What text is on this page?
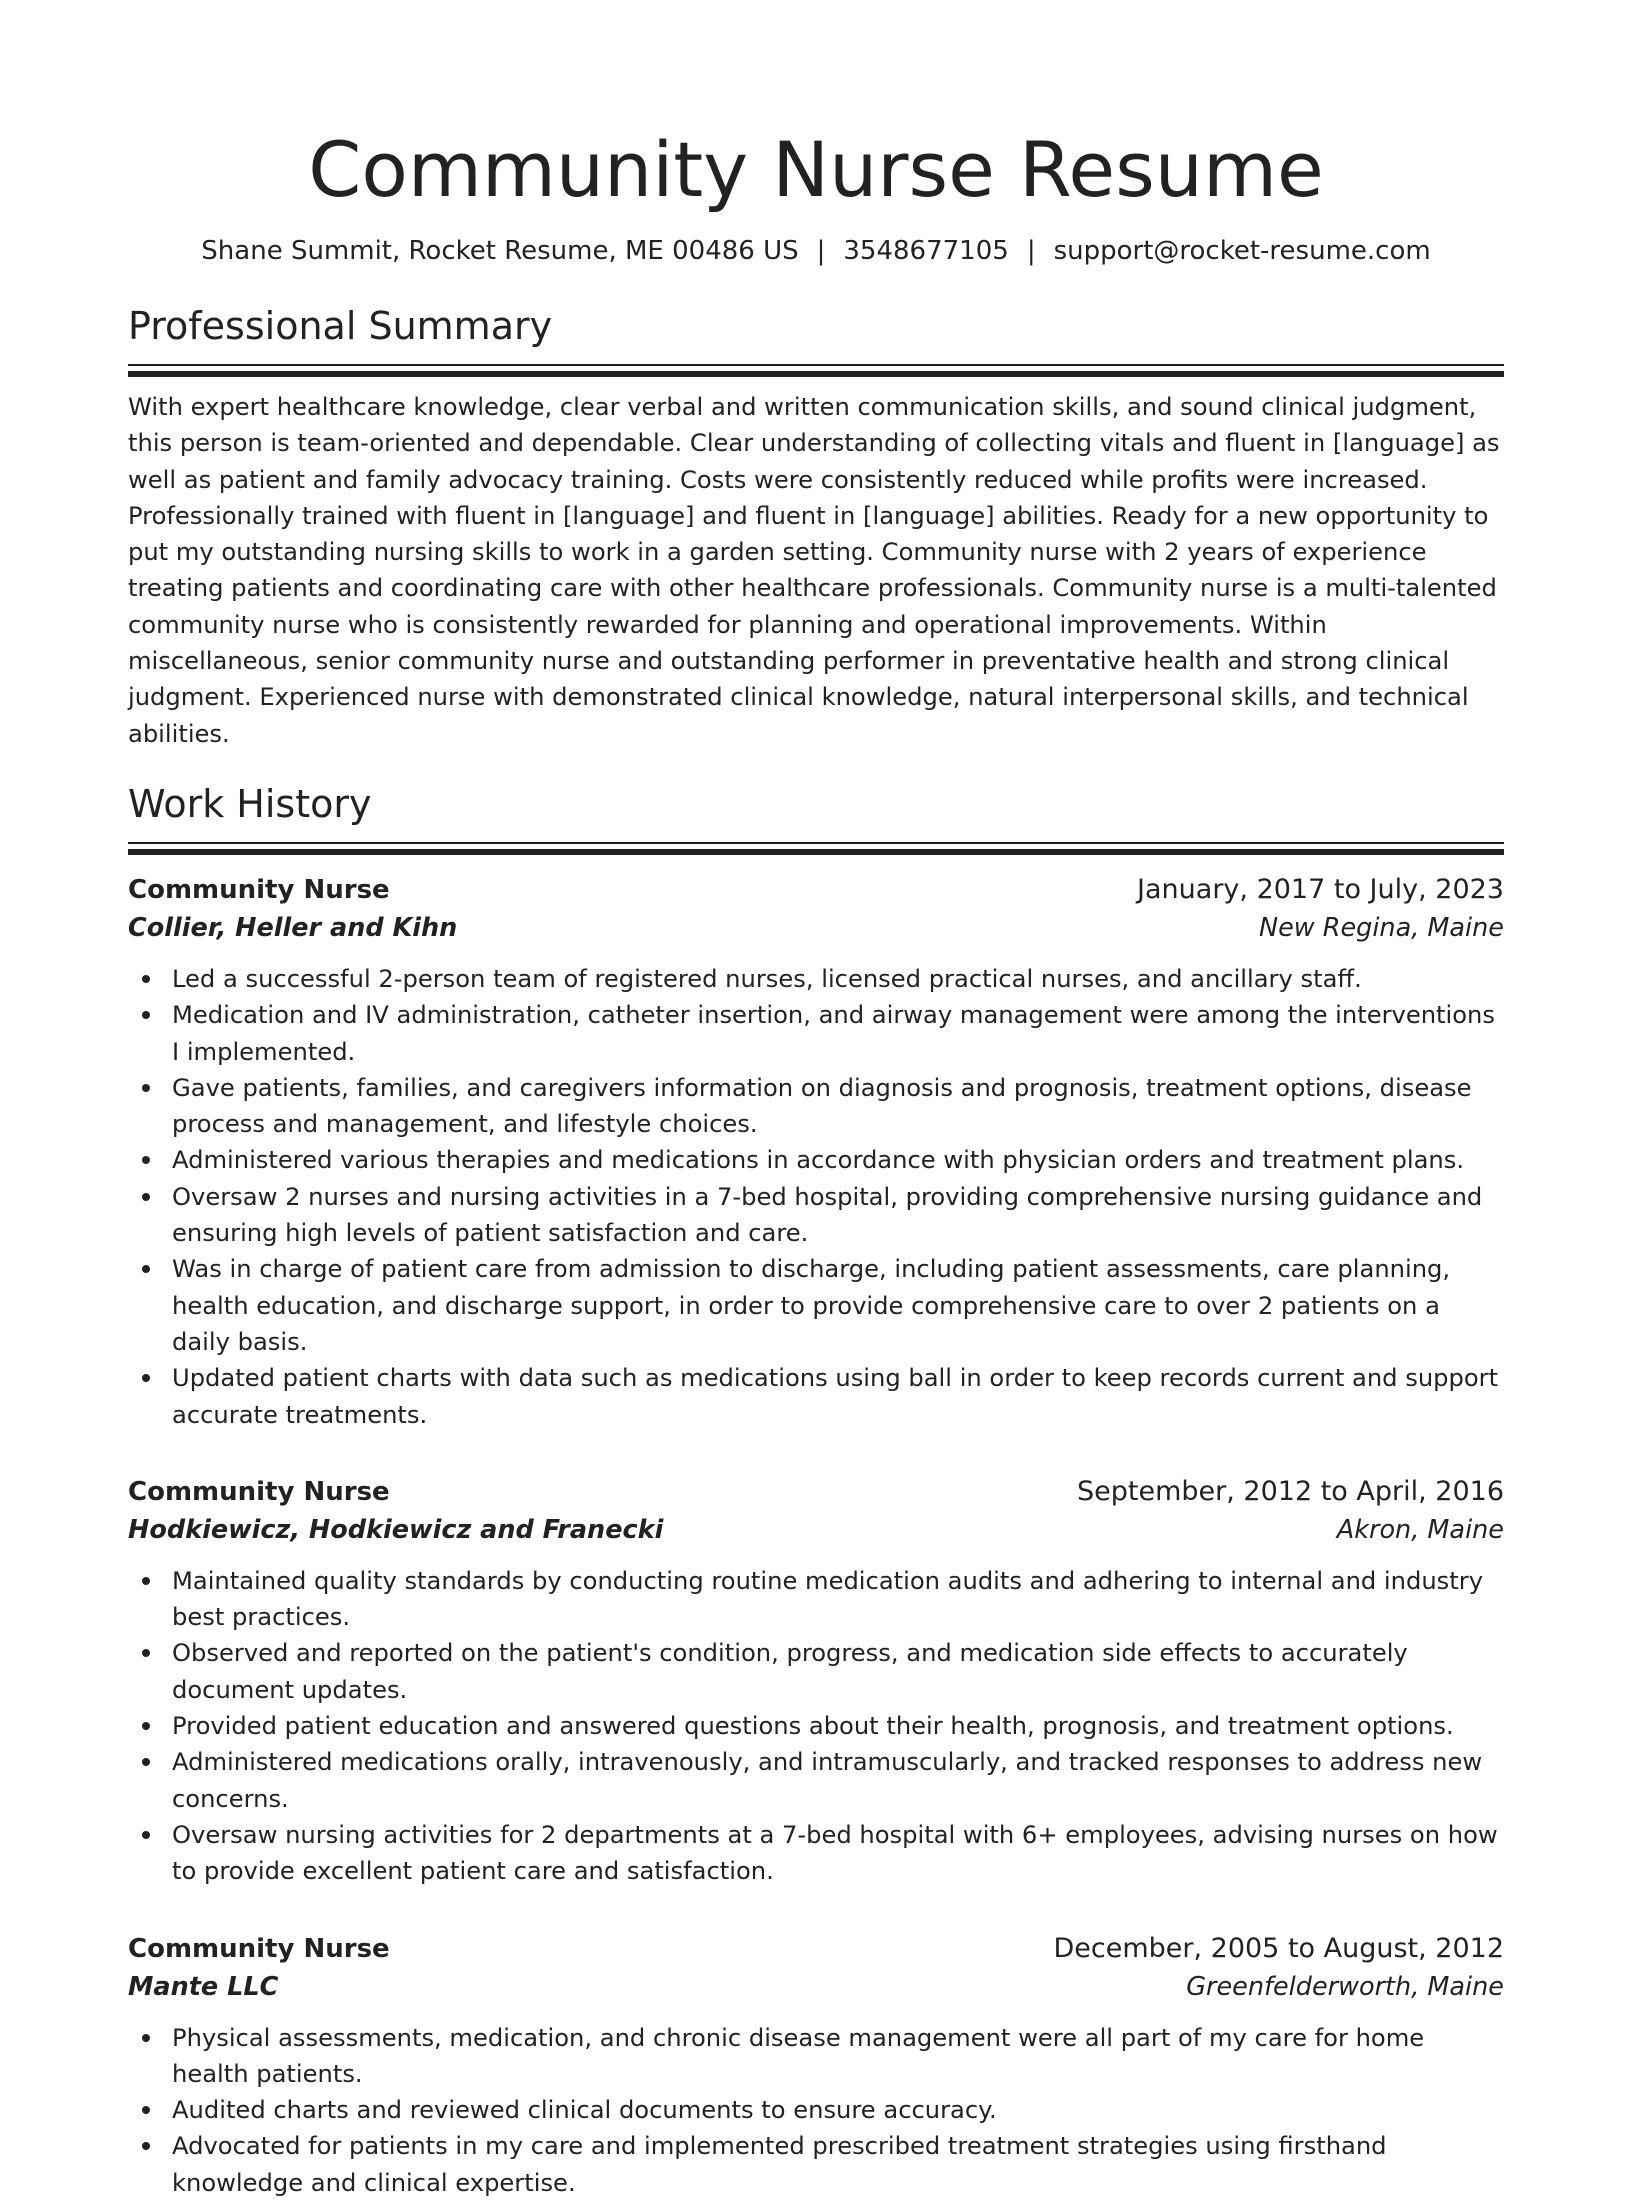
Community Nurse Resume
Shane Summit, Rocket Resume, ME 00486 US | 3548677105 | support@rocket-resume.com
Professional Summary

With expert healthcare knowledge, clear verbal and written communication skills, and sound clinical judgment, this person is team-oriented and dependable. Clear understanding of collecting vitals and fluent in [language] as well as patient and family advocacy training. Costs were consistently reduced while profits were increased. Professionally trained with fluent in [language] and fluent in [language] abilities. Ready for a new opportunity to put my outstanding nursing skills to work in a garden setting. Community nurse with 2 years of experience treating patients and coordinating care with other healthcare professionals. Community nurse is a multi-talented community nurse who is consistently rewarded for planning and operational improvements. Within miscellaneous, senior community nurse and outstanding performer in preventative health and strong clinical judgment. Experienced nurse with demonstrated clinical knowledge, natural interpersonal skills, and technical abilities.

Work History
Community Nurse	January, 2017 to July, 2023
Collier, Heller and Kihn	New Regina, Maine
Led a successful 2-person team of registered nurses, licensed practical nurses, and ancillary staff.
Medication and IV administration, catheter insertion, and airway management were among the interventions I implemented.
Gave patients, families, and caregivers information on diagnosis and prognosis, treatment options, disease process and management, and lifestyle choices.
Administered various therapies and medications in accordance with physician orders and treatment plans.
Oversaw 2 nurses and nursing activities in a 7-bed hospital, providing comprehensive nursing guidance and ensuring high levels of patient satisfaction and care.
Was in charge of patient care from admission to discharge, including patient assessments, care planning, health education, and discharge support, in order to provide comprehensive care to over 2 patients on a daily basis.
Updated patient charts with data such as medications using ball in order to keep records current and support accurate treatments.
Community Nurse	September, 2012 to April, 2016
Hodkiewicz, Hodkiewicz and Franecki	Akron, Maine
Maintained quality standards by conducting routine medication audits and adhering to internal and industry best practices.
Observed and reported on the patient's condition, progress, and medication side effects to accurately document updates.
Provided patient education and answered questions about their health, prognosis, and treatment options.
Administered medications orally, intravenously, and intramuscularly, and tracked responses to address new concerns.
Oversaw nursing activities for 2 departments at a 7-bed hospital with 6+ employees, advising nurses on how to provide excellent patient care and satisfaction.
Community Nurse	December, 2005 to August, 2012
Mante LLC	Greenfelderworth, Maine
Physical assessments, medication, and chronic disease management were all part of my care for home health patients.
Audited charts and reviewed clinical documents to ensure accuracy.
Advocated for patients in my care and implemented prescribed treatment strategies using firsthand knowledge and clinical expertise.
